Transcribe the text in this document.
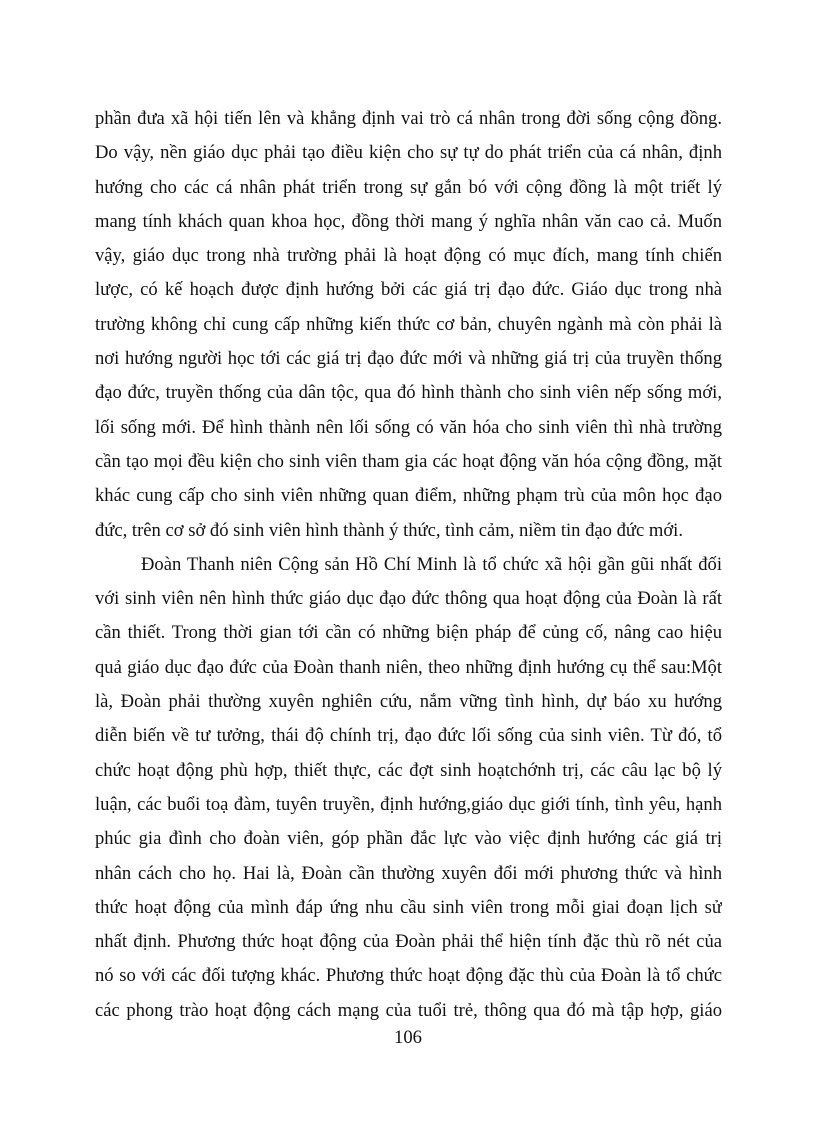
phần đưa xã hội tiến lên và khẳng định vai trò cá nhân trong đời sống cộng đồng.
Do vậy, nền giáo dục phải tạo điều kiện cho sự tự do phát triển của cá nhân, định
hướng cho các cá nhân phát triển trong sự gắn bó với cộng đồng là một triết lý
mang tính khách quan khoa học, đồng thời mang ý nghĩa nhân văn cao cả. Muốn
vậy, giáo dục trong nhà trường phải là hoạt động có mục đích, mang tính chiến
lược, có kế hoạch được định hướng bởi các giá trị đạo đức. Giáo dục trong nhà
trường không chỉ cung cấp những kiến thức cơ bản, chuyên ngành mà còn phải là
nơi hướng người học tới các giá trị đạo đức mới và những giá trị của truyền thống
đạo đức, truyền thống của dân tộc, qua đó hình thành cho sinh viên nếp sống mới,
lối sống mới. Để hình thành nên lối sống có văn hóa cho sinh viên thì nhà trường
cần tạo mọi đều kiện cho sinh viên tham gia các hoạt động văn hóa cộng đồng, mặt
khác cung cấp cho sinh viên những quan điểm, những phạm trù của môn học đạo
đức, trên cơ sở đó sinh viên hình thành ý thức, tình cảm, niềm tin đạo đức mới.
Đoàn Thanh niên Cộng sản Hồ Chí Minh là tổ chức xã hội gần gũi nhất đối
với sinh viên nên hình thức giáo dục đạo đức thông qua hoạt động của Đoàn là rất
cần thiết. Trong thời gian tới cần có những biện pháp để củng cố, nâng cao hiệu
quả giáo dục đạo đức của Đoàn thanh niên, theo những định hướng cụ thể sau:Một
là, Đoàn phải thường xuyên nghiên cứu, nắm vững tình hình, dự báo xu hướng
diễn biến về tư tưởng, thái độ chính trị, đạo đức lối sống của sinh viên. Từ đó, tổ
chức hoạt động phù hợp, thiết thực, các đợt sinh hoạtchớnh trị, các câu lạc bộ lý
luận, các buổi toạ đàm, tuyên truyền, định hướng,giáo dục giới tính, tình yêu, hạnh
phúc gia đình cho đoàn viên, góp phần đắc lực vào việc định hướng các giá trị
nhân cách cho họ. Hai là, Đoàn cần thường xuyên đổi mới phương thức và hình
thức hoạt động của mình đáp ứng nhu cầu sinh viên trong mỗi giai đoạn lịch sử
nhất định. Phương thức hoạt động của Đoàn phải thể hiện tính đặc thù rõ nét của
nó so với các đối tượng khác. Phương thức hoạt động đặc thù của Đoàn là tổ chức
các phong trào hoạt động cách mạng của tuổi trẻ, thông qua đó mà tập hợp, giáo
106
